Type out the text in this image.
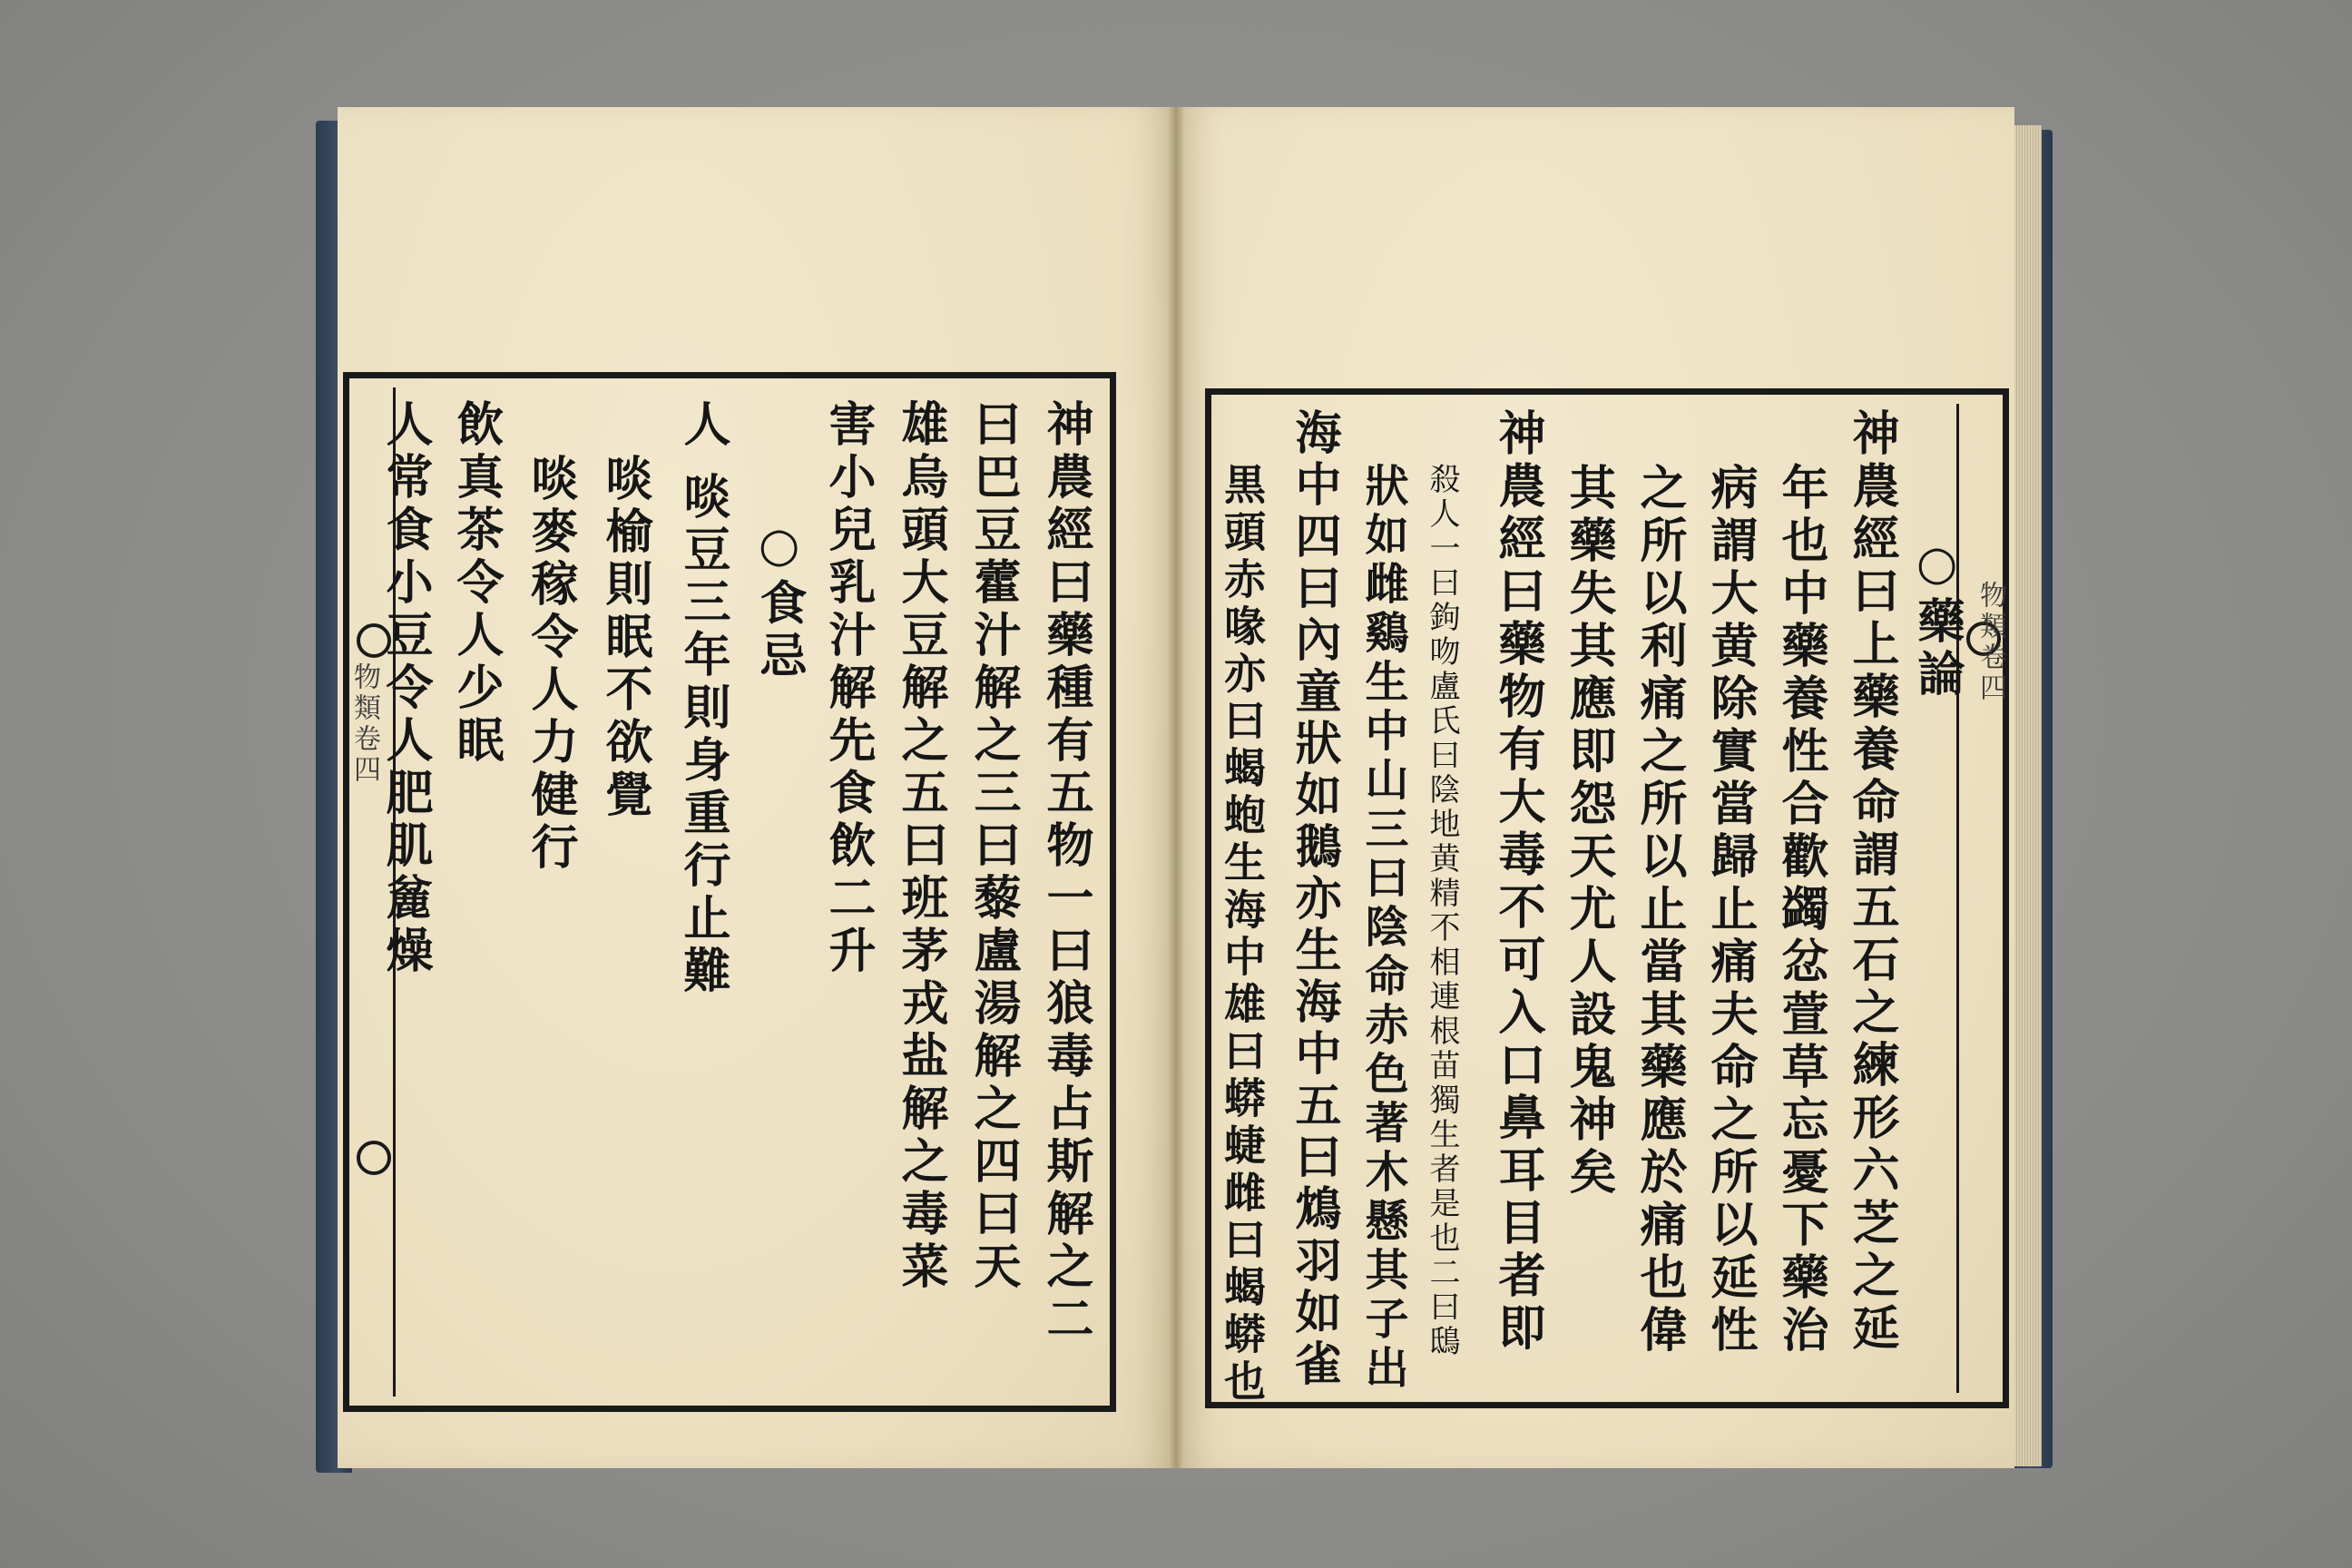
物類卷四
物類卷四
神農經曰藥種有五物一曰狼毒占斯解之二
曰巴豆藿汁解之三曰藜盧湯解之四曰天
雄烏頭大豆解之五曰班茅戎盐解之毒菜
害小兒乳汁解先食飲二升
○食忌
人
啖豆三年則身重行止難
啖榆則眠不欲覺
啖麥稼令人力健行
飲真茶令人少眠
人常食小豆令人肥肌麄燥	○藥論
神農經曰上藥養命謂五石之練形六芝之延
年也中藥養性合歡蠲忿萱草忘憂下藥治
病謂大黄除實當歸止痛夫命之所以延性
之所以利痛之所以止當其藥應於痛也偉
其藥失其應即怨天尤人設鬼神矣
神農經曰藥物有大毒不可入口鼻耳目者即
殺人一曰鉤吻盧氏曰陰地黄精不相連根苗獨生者是也二曰鴟
狀如雌鷄生中山三曰陰命赤色著木懸其子出
海中四曰內童狀如鵝亦生海中五曰鴆羽如雀
黒頭赤喙亦曰蝎蚫生海中雄曰蟒蜨雌曰蝎蟒也
